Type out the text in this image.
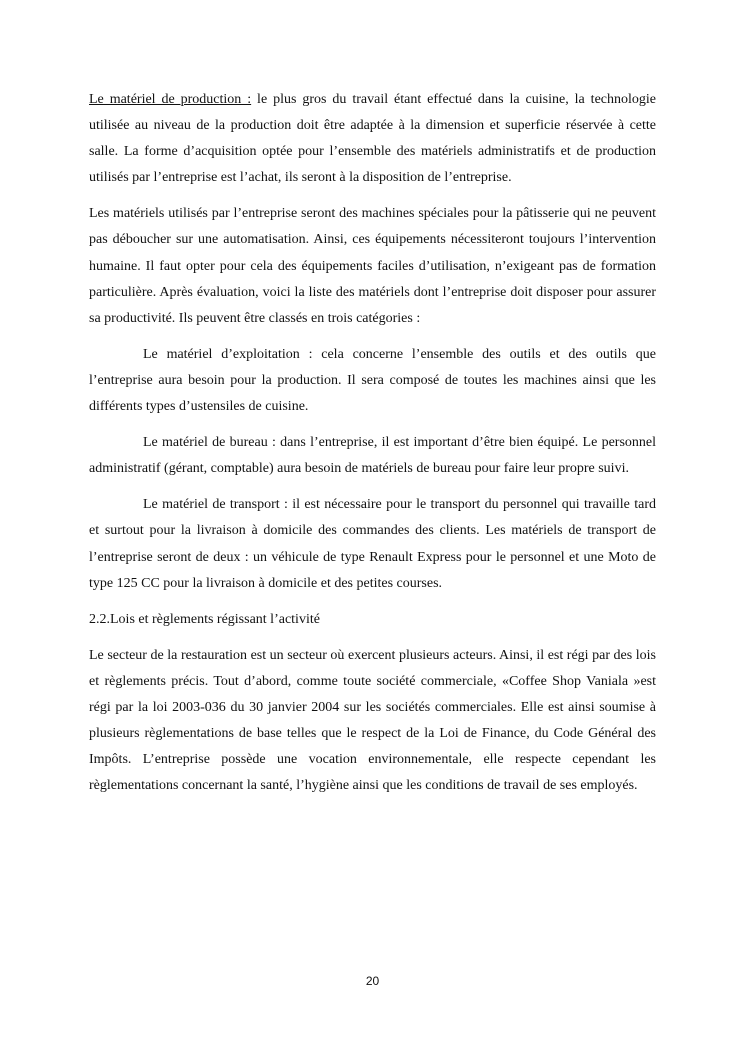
Le matériel de production : le plus gros du travail étant effectué dans la cuisine, la technologie utilisée au niveau de la production doit être adaptée à la dimension et superficie réservée à cette salle. La forme d’acquisition optée pour l’ensemble des matériels administratifs et de production utilisés par l’entreprise est l’achat, ils seront à la disposition de l’entreprise.

Les matériels utilisés par l’entreprise seront des machines spéciales pour la pâtisserie qui ne peuvent pas déboucher sur une automatisation. Ainsi, ces équipements nécessiteront toujours l’intervention humaine. Il faut opter pour cela des équipements faciles d’utilisation, n’exigeant pas de formation particulière. Après évaluation, voici la liste des matériels dont l’entreprise doit disposer pour assurer sa productivité. Ils peuvent être classés en trois catégories :

Le matériel d’exploitation : cela concerne l’ensemble des outils et des outils que l’entreprise aura besoin pour la production. Il sera composé de toutes les machines ainsi que les différents types d’ustensiles de cuisine.

Le matériel de bureau : dans l’entreprise, il est important d’être bien équipé. Le personnel administratif (gérant, comptable) aura besoin de matériels de bureau pour faire leur propre suivi.

Le matériel de transport : il est nécessaire pour le transport du personnel qui travaille tard et surtout pour la livraison à domicile des commandes des clients. Les matériels de transport de l’entreprise seront de deux : un véhicule de type Renault Express pour le personnel et une Moto de type 125 CC pour la livraison à domicile et des petites courses.

2.2.Lois et règlements régissant l’activité

Le secteur de la restauration est un secteur où exercent plusieurs acteurs. Ainsi, il est régi par des lois et règlements précis. Tout d’abord, comme toute société commerciale, «Coffee Shop Vaniala »est régi par la loi 2003-036 du 30 janvier 2004 sur les sociétés commerciales. Elle est ainsi soumise à plusieurs règlementations de base telles que le respect de la Loi de Finance, du Code Général des Impôts. L’entreprise possède une vocation environnementale, elle respecte cependant les règlementations concernant la santé, l’hygiène ainsi que les conditions de travail de ses employés.

20
